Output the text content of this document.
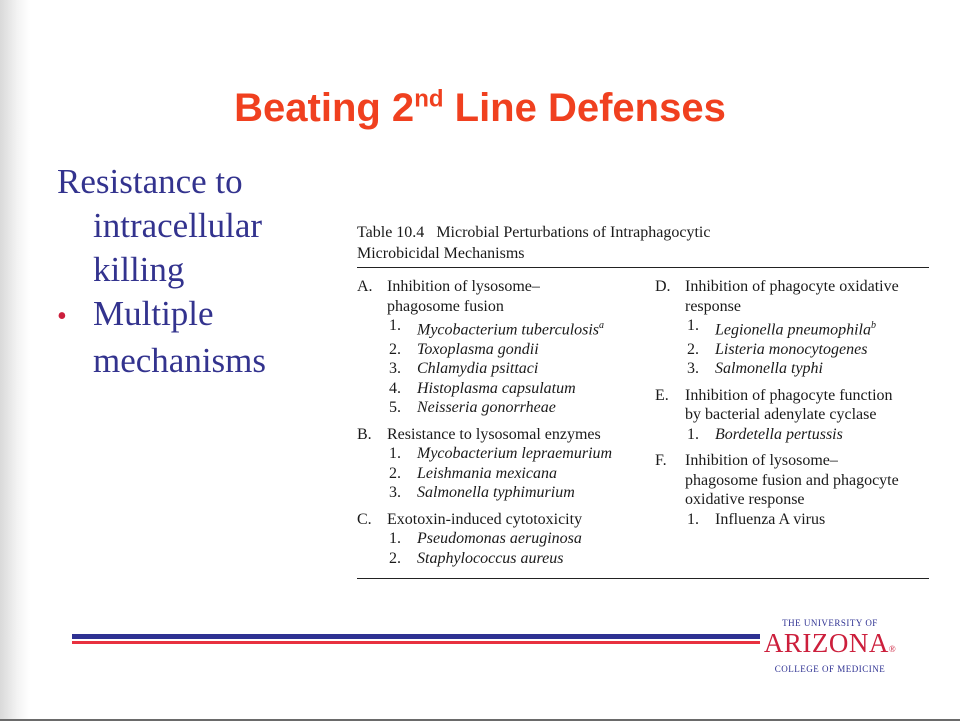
Beating 2nd Line Defenses
Resistance to
intracellular
killing
• Multiple
mechanisms
Table 10.4 Microbial Perturbations of Intraphagocytic
Microbicidal Mechanisms
A. Inhibition of lysosome–
phagosome fusion
1.	Mycobacterium tuberculosis$^a$
2.	Toxoplasma gondii
3.	Chlamydia psittaci
4.	Histoplasma capsulatum
5.	Neisseria gonorrheae
B. Resistance to lysosomal enzymes
1.	Mycobacterium lepraemurium
2.	Leishmania mexicana
3.	Salmonella typhimurium
C. Exotoxin-induced cytotoxicity
1.	Pseudomonas aeruginosa
2.	Staphylococcus aureus
D. Inhibition of phagocyte oxidative
response
1.	Legionella pneumophila$^b$
2.	Listeria monocytogenes
3.	Salmonella typhi
E.	Inhibition of phagocyte function
by bacterial adenylate cyclase
1.	Bordetella pertussis
F.	Inhibition of lysosome–
phagosome fusion and phagocyte
oxidative response
1.	Influenza A virus
THE UNIVERSITY OF
ARIZONA®
COLLEGE OF MEDICINE
